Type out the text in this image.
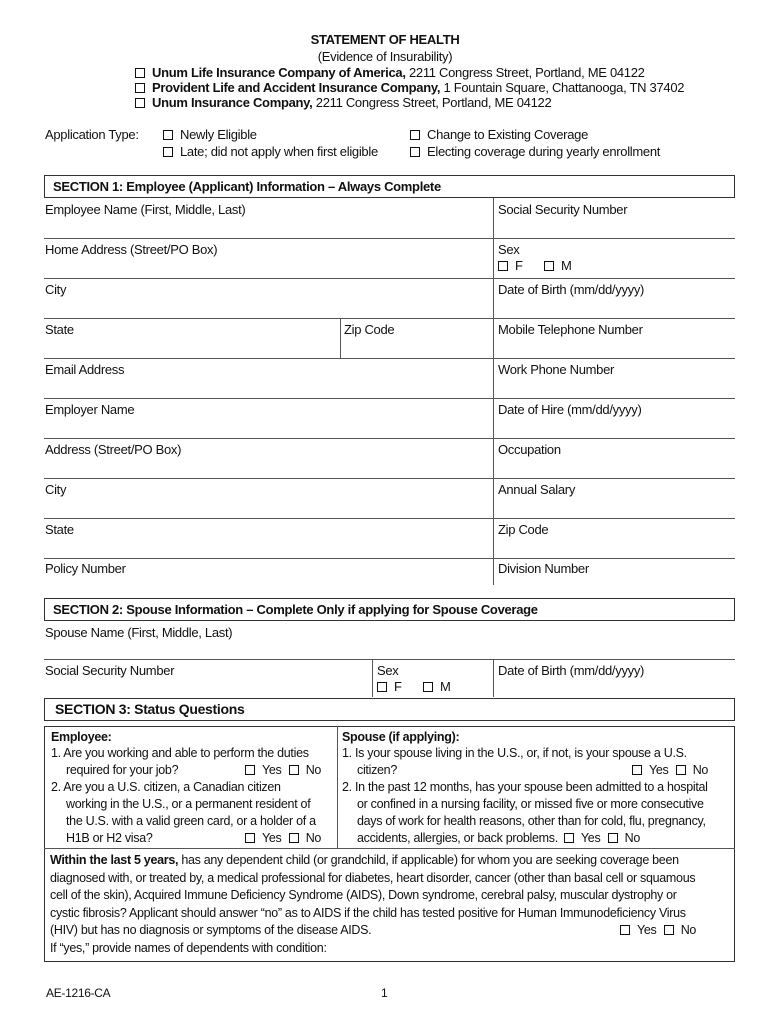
STATEMENT OF HEALTH
(Evidence of Insurability)
Unum Life Insurance Company of America, 2211 Congress Street, Portland, ME 04122
Provident Life and Accident Insurance Company, 1 Fountain Square, Chattanooga, TN 37402
Unum Insurance Company, 2211 Congress Street, Portland, ME 04122
Application Type:	Newly Eligible
Late; did not apply when first eligible
Change to Existing Coverage
Electing coverage during yearly enrollment
SECTION 1: Employee (Applicant) Information – Always Complete
Employee Name (First, Middle, Last)	Social Security Number
Home Address (Street/PO Box)	Sex
F	M
City	Date of Birth (mm/dd/yyyy)
State	Zip Code	Mobile Telephone Number
Email Address	Work Phone Number
Employer Name	Date of Hire (mm/dd/yyyy)
Address (Street/PO Box)	Occupation
City	Annual Salary
State	Zip Code
Policy Number	Division Number
SECTION 2: Spouse Information – Complete Only if applying for Spouse Coverage
Spouse Name (First, Middle, Last)
Social Security Number	Sex
F	M
Date of Birth (mm/dd/yyyy)
SECTION 3: Status Questions
Employee:
1. Are you working and able to perform the duties
required for your job?	Yes No
2. Are you a U.S. citizen, a Canadian citizen
working in the U.S., or a permanent resident of
the U.S. with a valid green card, or a holder of a
H1B or H2 visa?	Yes No
Spouse (if applying):
1. Is your spouse living in the U.S., or, if not, is your spouse a U.S.
citizen?	Yes No
2. In the past 12 months, has your spouse been admitted to a hospital
or confined in a nursing facility, or missed five or more consecutive
days of work for health reasons, other than for cold, flu, pregnancy,
accidents, allergies, or back problems. Yes No
Within the last 5 years, has any dependent child (or grandchild, if applicable) for whom you are seeking coverage been
diagnosed with, or treated by, a medical professional for diabetes, heart disorder, cancer (other than basal cell or squamous
cell of the skin), Acquired Immune Deficiency Syndrome (AIDS), Down syndrome, cerebral palsy, muscular dystrophy or
cystic fibrosis? Applicant should answer “no” as to AIDS if the child has tested positive for Human Immunodeficiency Virus
(HIV) but has no diagnosis or symptoms of the disease AIDS.
If “yes,” provide names of dependents with condition:
Yes No
AE-1216-CA	1
